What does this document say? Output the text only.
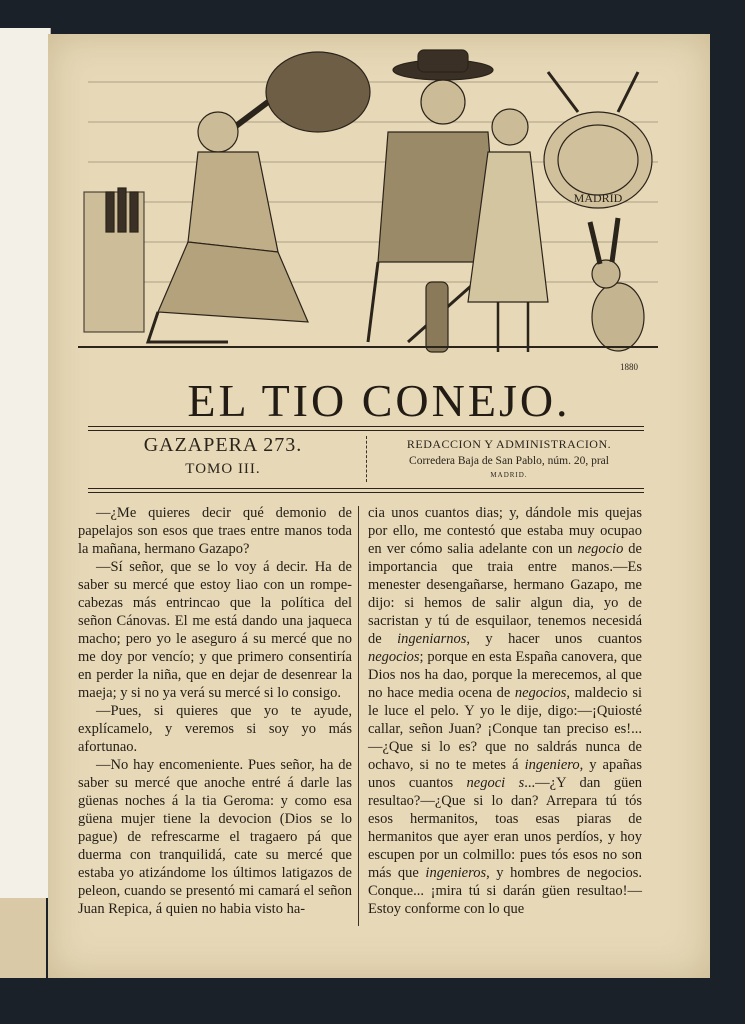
MADRID
1880
EL TIO CONEJO.
GAZAPERA 273.
TOMO III.
REDACCION Y ADMINISTRACION.
Corredera Baja de San Pablo, núm. 20, pral
MADRID.

—¿Me quieres decir qué demonio de papelajos son esos que traes entre manos toda la mañana, hermano Gazapo?

—Sí señor, que se lo voy á decir. Ha de saber su mercé que estoy liao con un rompe-cabezas más entrincao que la política del señon Cánovas. El me está dando una jaqueca macho; pero yo le aseguro á su mercé que no me doy por vencío; y que primero consentiría en perder la niña, que en dejar de desenrear la maeja; y si no ya verá su mercé si lo consigo.

—Pues, si quieres que yo te ayude, explícamelo, y veremos si soy yo más afortunao.

—No hay encomeniente. Pues señor, ha de saber su mercé que anoche entré á darle las güenas noches á la tia Geroma: y como esa güena mujer tiene la devocion (Dios se lo pague) de refrescarme el tragaero pá que duerma con tranquilidá, cate su mercé que estaba yo atizándome los últimos latigazos de peleon, cuando se presentó mi camará el señon Juan Repica, á quien no habia visto ha-

cia unos cuantos dias; y, dándole mis quejas por ello, me contestó que estaba muy ocupao en ver cómo salia adelante con un negocio de importancia que traia entre manos.—Es menester desengañarse, hermano Gazapo, me dijo: si hemos de salir algun dia, yo de sacristan y tú de esquilaor, tenemos necesidá de ingeniarnos, y hacer unos cuantos negocios; porque en esta España canovera, que Dios nos ha dao, porque la merecemos, al que no hace media ocena de negocios, maldecio si le luce el pelo. Y yo le dije, digo:—¡Quiosté callar, señon Juan? ¡Conque tan preciso es!...—¿Que si lo es? que no saldrás nunca de ochavo, si no te metes á ingeniero, y apañas unos cuantos negoci s...—¿Y dan güen resultao?—¿Que si lo dan? Arrepara tú tós esos hermanitos, toas esas piaras de hermanitos que ayer eran unos perdíos, y hoy escupen por un colmillo: pues tós esos no son más que ingenieros, y hombres de negocios. Conque... ¡mira tú si darán güen resultao!—Estoy conforme con lo que
